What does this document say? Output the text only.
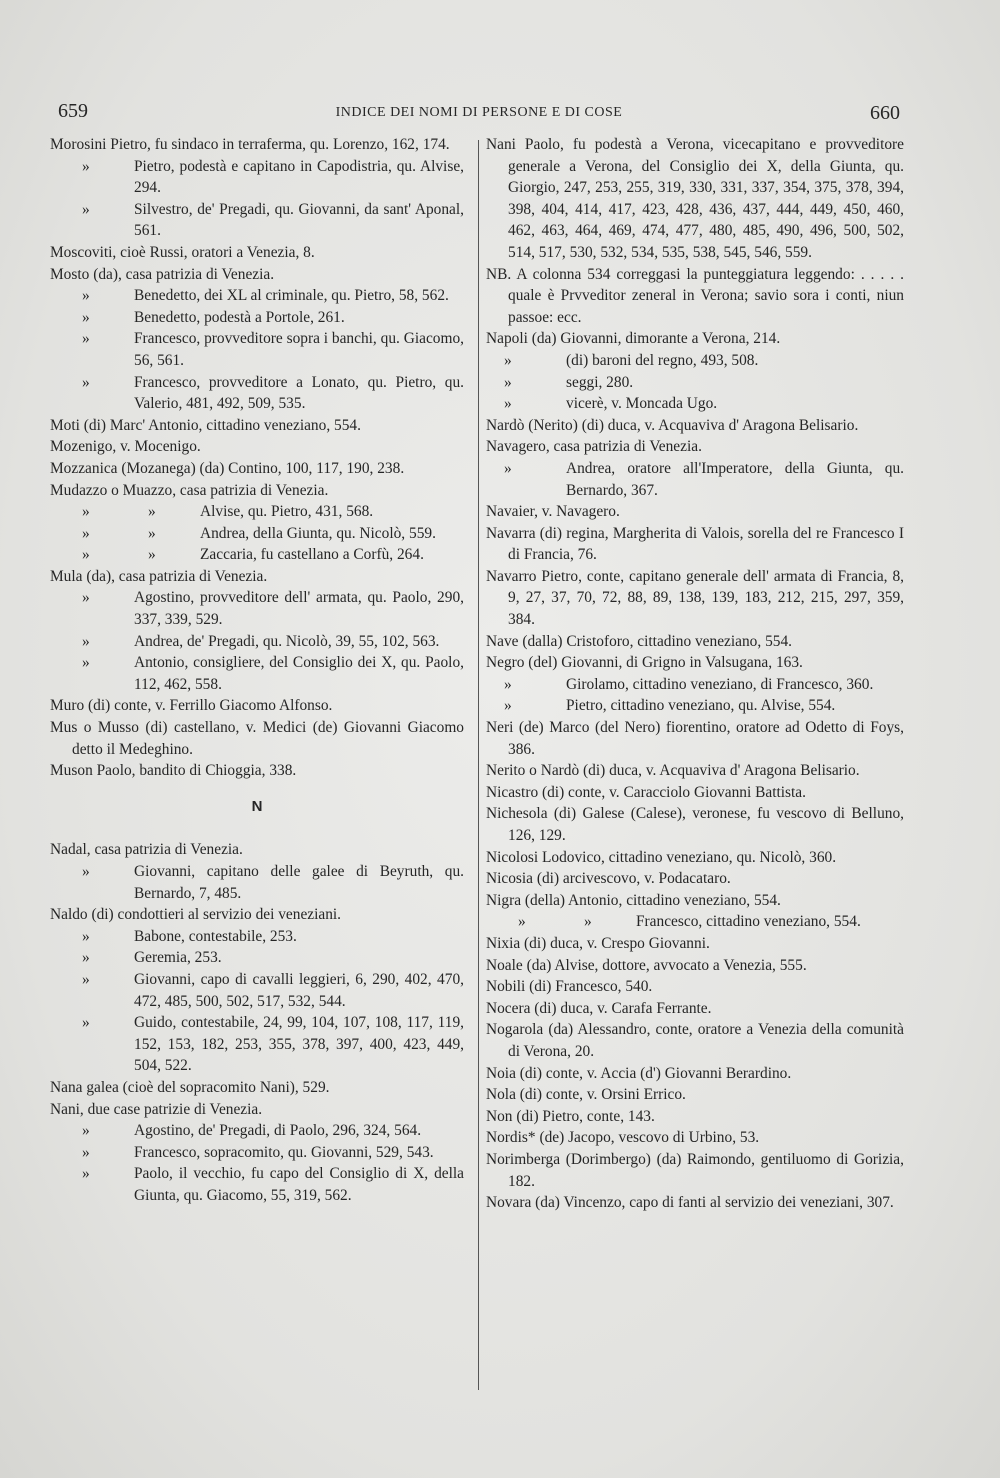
659	INDICE DEI NOMI DI PERSONE E DI COSE	660

Morosini Pietro, fu sindaco in terraferma, qu. Lorenzo, 162, 174.

»	Pietro, podestà e capitano in Capodistria, qu. Alvise, 294.

»	Silvestro, de' Pregadi, qu. Giovanni, da sant' Aponal, 561.

Moscoviti, cioè Russi, oratori a Venezia, 8.

Mosto (da), casa patrizia di Venezia.

»	Benedetto, dei XL al criminale, qu. Pietro, 58, 562.

»	Benedetto, podestà a Portole, 261.

»	Francesco, provveditore sopra i banchi, qu. Giacomo, 56, 561.

»	Francesco, provveditore a Lonato, qu. Pietro, qu. Valerio, 481, 492, 509, 535.

Moti (di) Marc' Antonio, cittadino veneziano, 554.

Mozenigo, v. Mocenigo.

Mozzanica (Mozanega) (da) Contino, 100, 117, 190, 238.

Mudazzo o Muazzo, casa patrizia di Venezia.

»	»	Alvise, qu. Pietro, 431, 568.

»	»	Andrea, della Giunta, qu. Nicolò, 559.

»	»	Zaccaria, fu castellano a Corfù, 264.

Mula (da), casa patrizia di Venezia.

»	Agostino, provveditore dell' armata, qu. Paolo, 290, 337, 339, 529.

»	Andrea, de' Pregadi, qu. Nicolò, 39, 55, 102, 563.

»	Antonio, consigliere, del Consiglio dei X, qu. Paolo, 112, 462, 558.

Muro (di) conte, v. Ferrillo Giacomo Alfonso.

Mus o Musso (di) castellano, v. Medici (de) Giovanni Giacomo detto il Medeghino.

Muson Paolo, bandito di Chioggia, 338.

N

Nadal, casa patrizia di Venezia.

»	Giovanni, capitano delle galee di Beyruth, qu. Bernardo, 7, 485.

Naldo (di) condottieri al servizio dei veneziani.

»	Babone, contestabile, 253.

»	Geremia, 253.

»	Giovanni, capo di cavalli leggieri, 6, 290, 402, 470, 472, 485, 500, 502, 517, 532, 544.

»	Guido, contestabile, 24, 99, 104, 107, 108, 117, 119, 152, 153, 182, 253, 355, 378, 397, 400, 423, 449, 504, 522.

Nana galea (cioè del sopracomito Nani), 529.

Nani, due case patrizie di Venezia.

»	Agostino, de' Pregadi, di Paolo, 296, 324, 564.

»	Francesco, sopracomito, qu. Giovanni, 529, 543.

»	Paolo, il vecchio, fu capo del Consiglio di X, della Giunta, qu. Giacomo, 55, 319, 562.

Nani Paolo, fu podestà a Verona, vicecapitano e provveditore generale a Verona, del Consiglio dei X, della Giunta, qu. Giorgio, 247, 253, 255, 319, 330, 331, 337, 354, 375, 378, 394, 398, 404, 414, 417, 423, 428, 436, 437, 444, 449, 450, 460, 462, 463, 464, 469, 474, 477, 480, 485, 490, 496, 500, 502, 514, 517, 530, 532, 534, 535, 538, 545, 546, 559.

NB. A colonna 534 correggasi la punteggiatura leggendo: . . . . . quale è Prvveditor zeneral in Verona; savio sora i conti, niun passoe: ecc.

Napoli (da) Giovanni, dimorante a Verona, 214.

»	(di) baroni del regno, 493, 508.

»	seggi, 280.

»	vicerè, v. Moncada Ugo.

Nardò (Nerito) (di) duca, v. Acquaviva d' Aragona Belisario.

Navagero, casa patrizia di Venezia.

»	Andrea, oratore all'Imperatore, della Giunta, qu. Bernardo, 367.

Navaier, v. Navagero.

Navarra (di) regina, Margherita di Valois, sorella del re Francesco I di Francia, 76.

Navarro Pietro, conte, capitano generale dell' armata di Francia, 8, 9, 27, 37, 70, 72, 88, 89, 138, 139, 183, 212, 215, 297, 359, 384.

Nave (dalla) Cristoforo, cittadino veneziano, 554.

Negro (del) Giovanni, di Grigno in Valsugana, 163.

»	Girolamo, cittadino veneziano, di Francesco, 360.

»	Pietro, cittadino veneziano, qu. Alvise, 554.

Neri (de) Marco (del Nero) fiorentino, oratore ad Odetto di Foys, 386.

Nerito o Nardò (di) duca, v. Acquaviva d' Aragona Belisario.

Nicastro (di) conte, v. Caracciolo Giovanni Battista.

Nichesola (di) Galese (Calese), veronese, fu vescovo di Belluno, 126, 129.

Nicolosi Lodovico, cittadino veneziano, qu. Nicolò, 360.

Nicosia (di) arcivescovo, v. Podacataro.

Nigra (della) Antonio, cittadino veneziano, 554.

»	»	Francesco, cittadino veneziano, 554.

Nixia (di) duca, v. Crespo Giovanni.

Noale (da) Alvise, dottore, avvocato a Venezia, 555.

Nobili (di) Francesco, 540.

Nocera (di) duca, v. Carafa Ferrante.

Nogarola (da) Alessandro, conte, oratore a Venezia della comunità di Verona, 20.

Noia (di) conte, v. Accia (d') Giovanni Berardino.

Nola (di) conte, v. Orsini Errico.

Non (di) Pietro, conte, 143.

Nordis* (de) Jacopo, vescovo di Urbino, 53.

Norimberga (Dorimbergo) (da) Raimondo, gentiluomo di Gorizia, 182.

Novara (da) Vincenzo, capo di fanti al servizio dei veneziani, 307.
